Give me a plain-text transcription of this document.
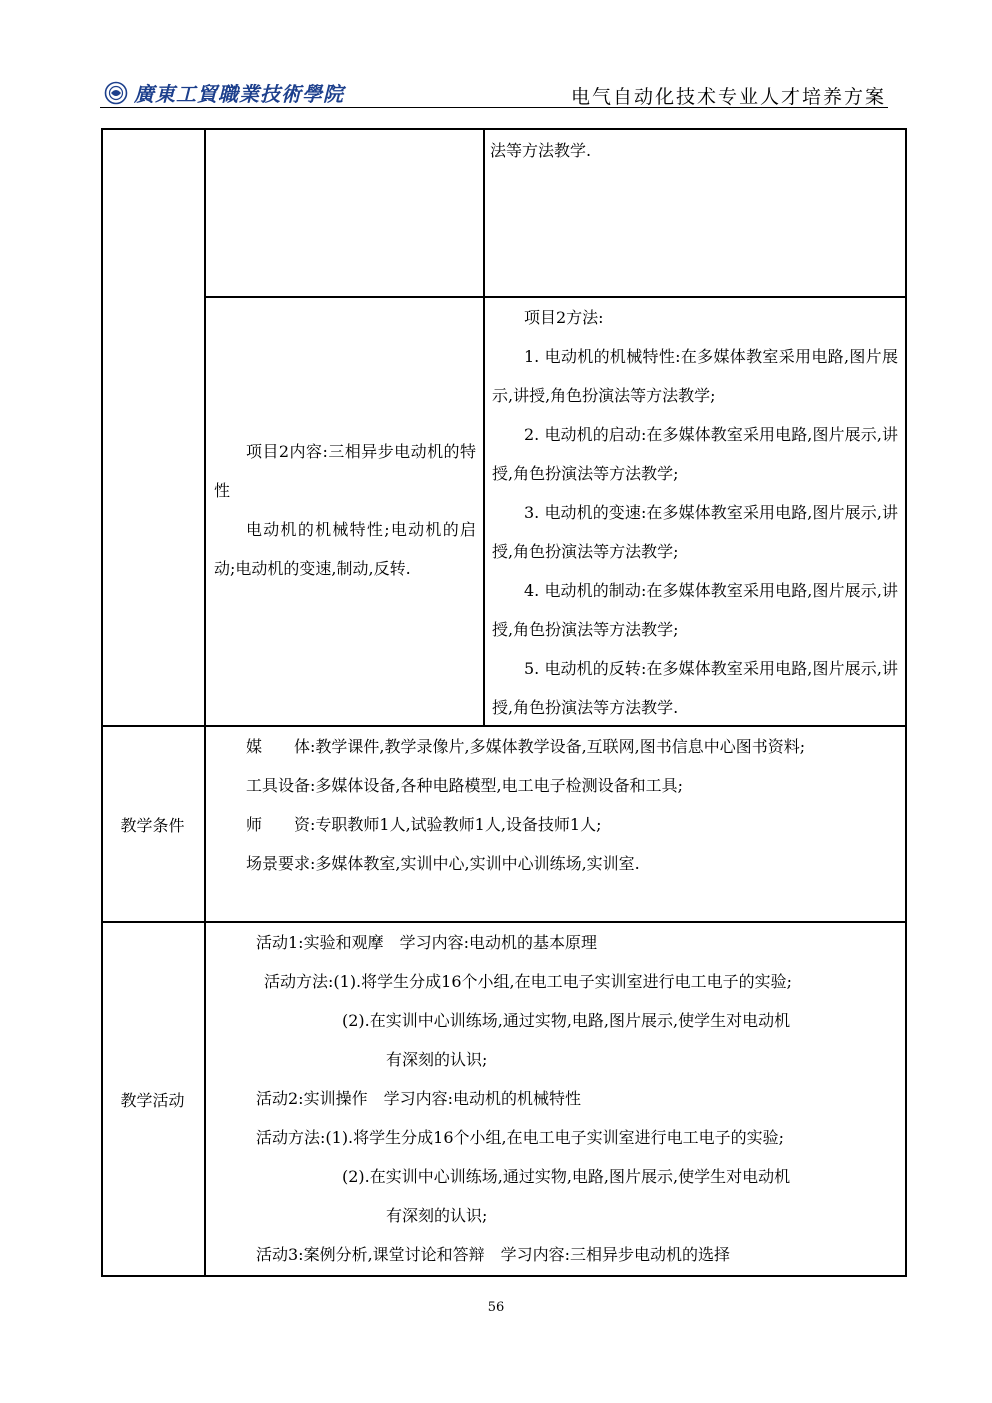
廣東工貿職業技術學院	电气自动化技术专业人才培养方案

法等方法教学.

项目2内容:三相异步电动机的特性

电动机的机械特性;电动机的启动;电动机的变速,制动,反转.

项目2方法:

1. 电动机的机械特性:在多媒体教室采用电路,图片展示,讲授,角色扮演法等方法教学;

2. 电动机的启动:在多媒体教室采用电路,图片展示,讲授,角色扮演法等方法教学;

3. 电动机的变速:在多媒体教室采用电路,图片展示,讲授,角色扮演法等方法教学;

4. 电动机的制动:在多媒体教室采用电路,图片展示,讲授,角色扮演法等方法教学;

5. 电动机的反转:在多媒体教室采用电路,图片展示,讲授,角色扮演法等方法教学.

教学条件

媒　　体:教学课件,教学录像片,多媒体教学设备,互联网,图书信息中心图书资料;

工具设备:多媒体设备,各种电路模型,电工电子检测设备和工具;

师　　资:专职教师1人,试验教师1人,设备技师1人;

场景要求:多媒体教室,实训中心,实训中心训练场,实训室.

教学活动

活动1:实验和观摩　学习内容:电动机的基本原理

活动方法:(1).将学生分成16个小组,在电工电子实训室进行电工电子的实验;

(2).在实训中心训练场,通过实物,电路,图片展示,使学生对电动机

有深刻的认识;

活动2:实训操作　学习内容:电动机的机械特性

活动方法:(1).将学生分成16个小组,在电工电子实训室进行电工电子的实验;

(2).在实训中心训练场,通过实物,电路,图片展示,使学生对电动机

有深刻的认识;

活动3:案例分析,课堂讨论和答辩　学习内容:三相异步电动机的选择

56
